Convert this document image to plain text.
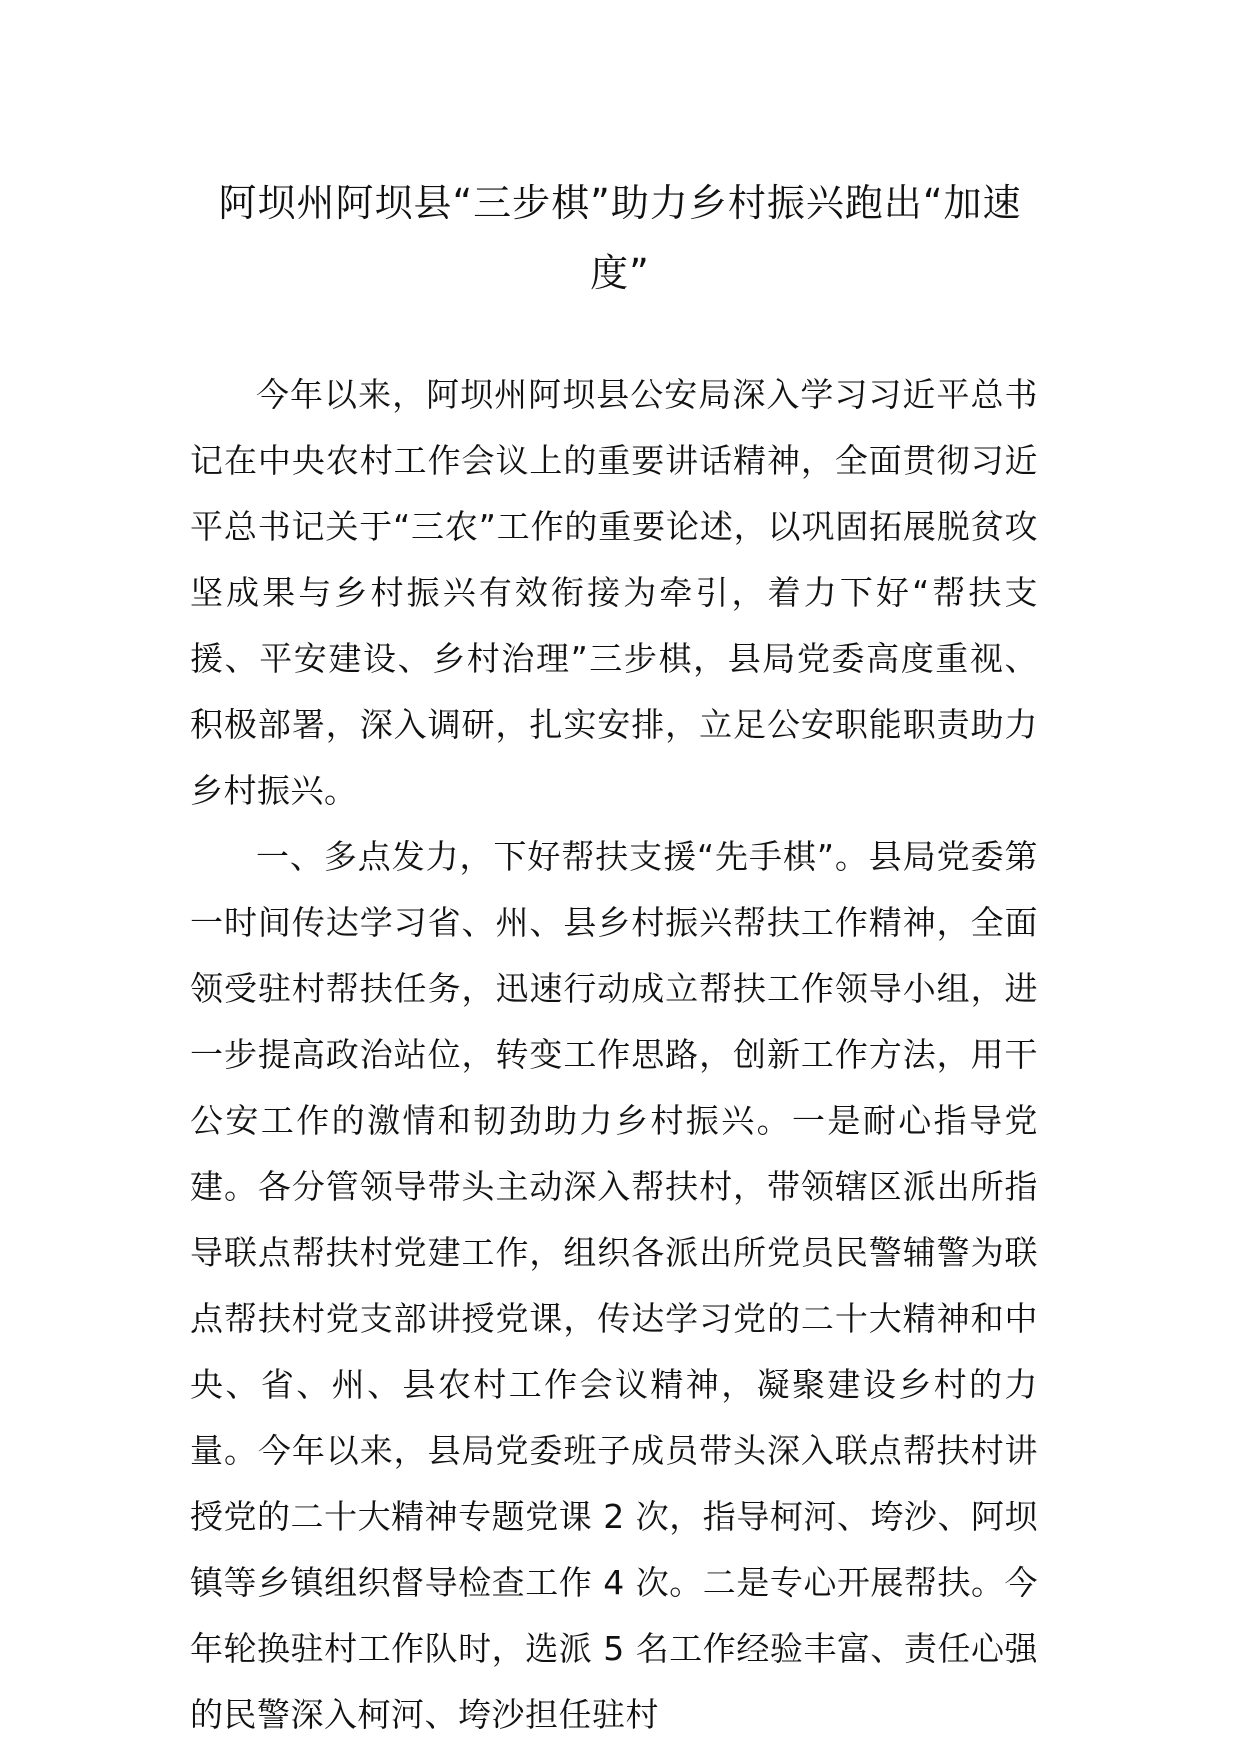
阿坝州阿坝县“三步棋”助力乡村振兴跑出“加速度”

今年以来，阿坝州阿坝县公安局深入学习习近平总书记在中央农村工作会议上的重要讲话精神，全面贯彻习近平总书记关于“三农”工作的重要论述，以巩固拓展脱贫攻坚成果与乡村振兴有效衔接为牵引，着力下好“帮扶支援、平安建设、乡村治理”三步棋，县局党委高度重视、积极部署，深入调研，扎实安排，立足公安职能职责助力乡村振兴。

一、多点发力，下好帮扶支援“先手棋”。县局党委第一时间传达学习省、州、县乡村振兴帮扶工作精神，全面领受驻村帮扶任务，迅速行动成立帮扶工作领导小组，进一步提高政治站位，转变工作思路，创新工作方法，用干公安工作的激情和韧劲助力乡村振兴。一是耐心指导党建。各分管领导带头主动深入帮扶村，带领辖区派出所指导联点帮扶村党建工作，组织各派出所党员民警辅警为联点帮扶村党支部讲授党课，传达学习党的二十大精神和中央、省、州、县农村工作会议精神，凝聚建设乡村的力量。今年以来，县局党委班子成员带头深入联点帮扶村讲授党的二十大精神专题党课 2 次，指导柯河、垮沙、阿坝镇等乡镇组织督导检查工作 4 次。二是专心开展帮扶。今年轮换驻村工作队时，选派 5 名工作经验丰富、责任心强的民警深入柯河、垮沙担任驻村
